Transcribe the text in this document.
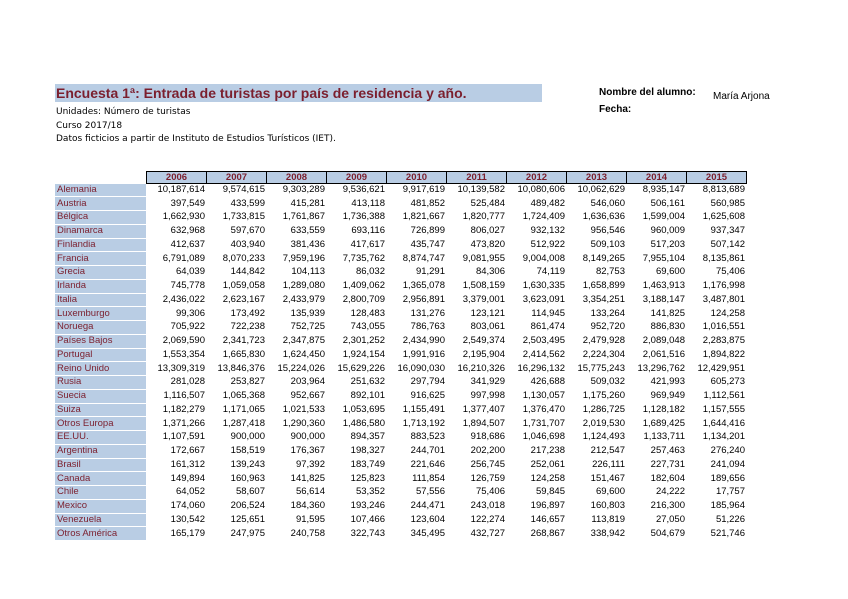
Encuesta 1ª: Entrada de turistas por país de residencia y año.
Unidades: Número de turistas
Curso 2017/18
Datos ficticios a partir de Instituto de Estudios Turísticos (IET).
Nombre del alumno: María Arjona
Fecha:
	2006	2007	2008	2009	2010	2011	2012	2013	2014	2015
Alemania	10,187,614	9,574,615	9,303,289	9,536,621	9,917,619	10,139,582	10,080,606	10,062,629	8,935,147	8,813,689
Austria	397,549	433,599	415,281	413,118	481,852	525,484	489,482	546,060	506,161	560,985
Bélgica	1,662,930	1,733,815	1,761,867	1,736,388	1,821,667	1,820,777	1,724,409	1,636,636	1,599,004	1,625,608
Dinamarca	632,968	597,670	633,559	693,116	726,899	806,027	932,132	956,546	960,009	937,347
Finlandia	412,637	403,940	381,436	417,617	435,747	473,820	512,922	509,103	517,203	507,142
Francia	6,791,089	8,070,233	7,959,196	7,735,762	8,874,747	9,081,955	9,004,008	8,149,265	7,955,104	8,135,861
Grecia	64,039	144,842	104,113	86,032	91,291	84,306	74,119	82,753	69,600	75,406
Irlanda	745,778	1,059,058	1,289,080	1,409,062	1,365,078	1,508,159	1,630,335	1,658,899	1,463,913	1,176,998
Italia	2,436,022	2,623,167	2,433,979	2,800,709	2,956,891	3,379,001	3,623,091	3,354,251	3,188,147	3,487,801
Luxemburgo	99,306	173,492	135,939	128,483	131,276	123,121	114,945	133,264	141,825	124,258
Noruega	705,922	722,238	752,725	743,055	786,763	803,061	861,474	952,720	886,830	1,016,551
Países Bajos	2,069,590	2,341,723	2,347,875	2,301,252	2,434,990	2,549,374	2,503,495	2,479,928	2,089,048	2,283,875
Portugal	1,553,354	1,665,830	1,624,450	1,924,154	1,991,916	2,195,904	2,414,562	2,224,304	2,061,516	1,894,822
Reino Unido	13,309,319	13,846,376	15,224,026	15,629,226	16,090,030	16,210,326	16,296,132	15,775,243	13,296,762	12,429,951
Rusia	281,028	253,827	203,964	251,632	297,794	341,929	426,688	509,032	421,993	605,273
Suecia	1,116,507	1,065,368	952,667	892,101	916,625	997,998	1,130,057	1,175,260	969,949	1,112,561
Suiza	1,182,279	1,171,065	1,021,533	1,053,695	1,155,491	1,377,407	1,376,470	1,286,725	1,128,182	1,157,555
Otros Europa	1,371,266	1,287,418	1,290,360	1,486,580	1,713,192	1,894,507	1,731,707	2,019,530	1,689,425	1,644,416
EE.UU.	1,107,591	900,000	900,000	894,357	883,523	918,686	1,046,698	1,124,493	1,133,711	1,134,201
Argentina	172,667	158,519	176,367	198,327	244,701	202,200	217,238	212,547	257,463	276,240
Brasil	161,312	139,243	97,392	183,749	221,646	256,745	252,061	226,111	227,731	241,094
Canada	149,894	160,963	141,825	125,823	111,854	126,759	124,258	151,467	182,604	189,656
Chile	64,052	58,607	56,614	53,352	57,556	75,406	59,845	69,600	24,222	17,757
Mexico	174,060	206,524	184,360	193,246	244,471	243,018	196,897	160,803	216,300	185,964
Venezuela	130,542	125,651	91,595	107,466	123,604	122,274	146,657	113,819	27,050	51,226
Otros América	165,179	247,975	240,758	322,743	345,495	432,727	268,867	338,942	504,679	521,746
